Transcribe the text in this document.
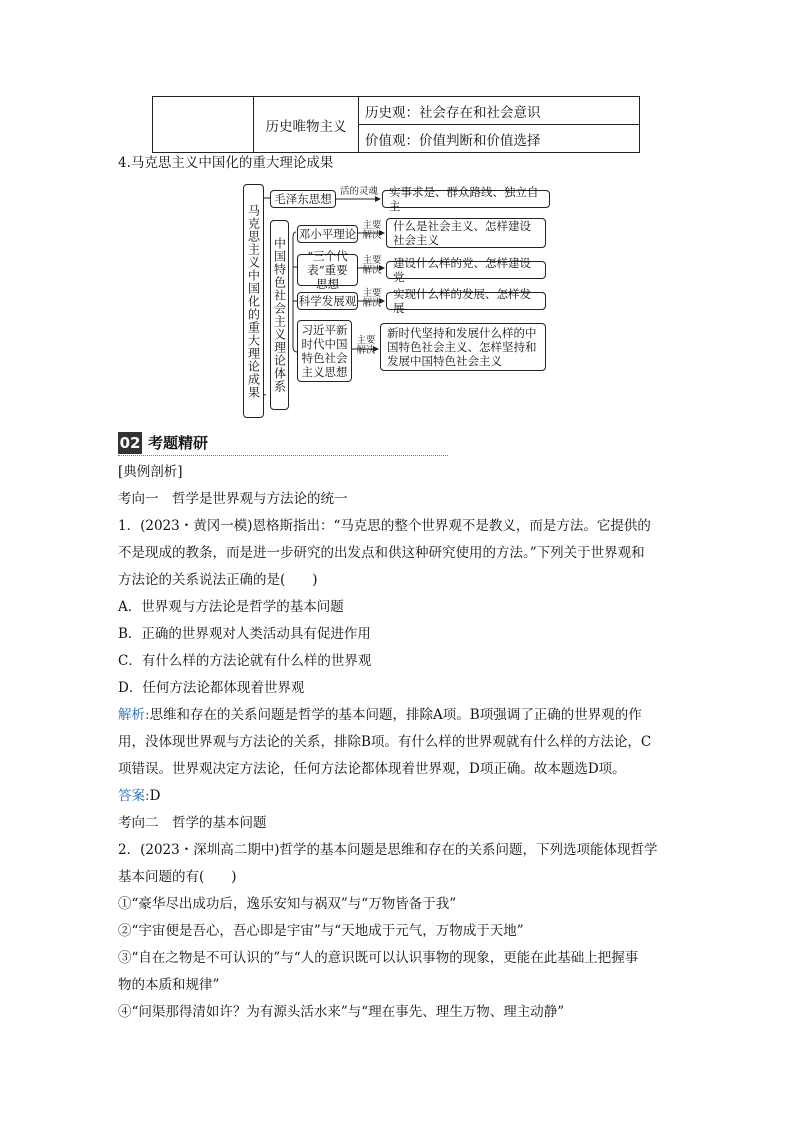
	历史唯物主义	历史观：社会存在和社会意识
价值观：价值判断和价值选择
4.马克思主义中国化的重大理论成果
马克思主义中国化的重大理论成果
毛泽东思想
活的灵魂 实事求是、群众路线、独立自主
中国特色社会主义理论体系
邓小平理论
主要
解决
什么是社会主义、怎样建设社会主义
“三个代表”重要思想
主要
解决
建设什么样的党、怎样建设党
科学发展观
主要
解决
实现什么样的发展、怎样发展
习近平新时代中国特色社会主义思想
主要
解决
新时代坚持和发展什么样的中国特色社会主义、怎样坚持和发展中国特色社会主义
02 考题精研
[典例剖析]
考向一　哲学是世界观与方法论的统一
1．(2023・黄冈一模)恩格斯指出：“马克思的整个世界观不是教义，而是方法。它提供的
不是现成的教条，而是进一步研究的出发点和供这种研究使用的方法。”下列关于世界观和
方法论的关系说法正确的是(　　)
A．世界观与方法论是哲学的基本问题
B．正确的世界观对人类活动具有促进作用
C．有什么样的方法论就有什么样的世界观
D．任何方法论都体现着世界观
解析:思维和存在的关系问题是哲学的基本问题，排除A项。B项强调了正确的世界观的作
用，没体现世界观与方法论的关系，排除B项。有什么样的世界观就有什么样的方法论，C
项错误。世界观决定方法论，任何方法论都体现着世界观，D项正确。故本题选D项。
答案:D
考向二　哲学的基本问题
2．(2023・深圳高二期中)哲学的基本问题是思维和存在的关系问题，下列选项能体现哲学
基本问题的有(　　)
①“豪华尽出成功后，逸乐安知与祸双”与“万物皆备于我”
②“宇宙便是吾心，吾心即是宇宙”与“天地成于元气，万物成于天地”
③“自在之物是不可认识的”与“人的意识既可以认识事物的现象，更能在此基础上把握事
物的本质和规律”
④“问渠那得清如许？为有源头活水来”与“理在事先、理生万物、理主动静”
